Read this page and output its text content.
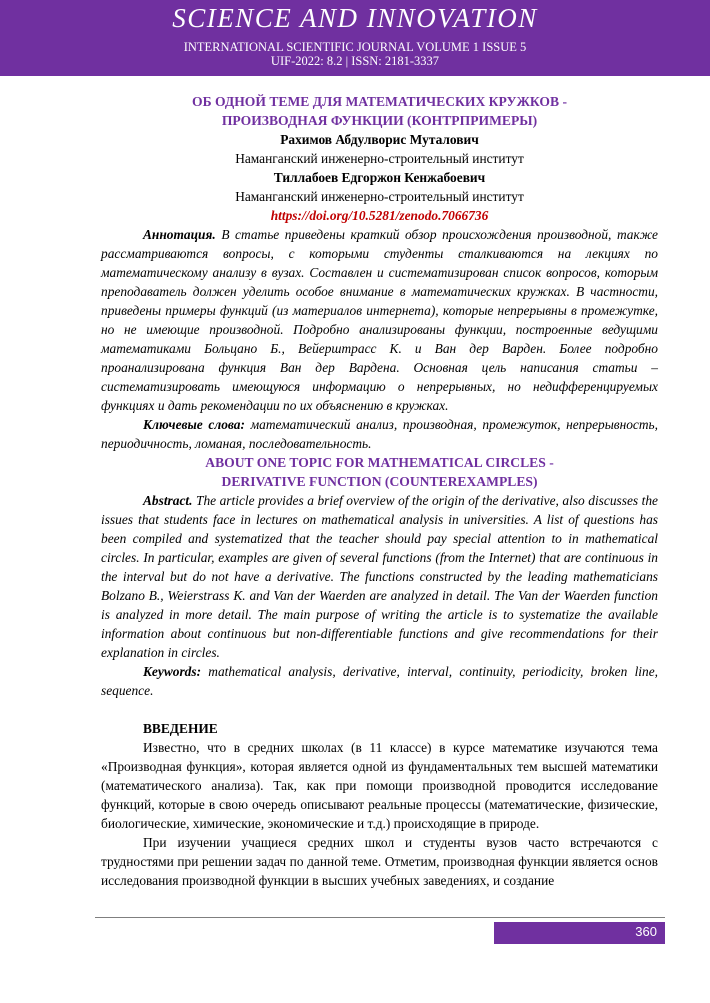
SCIENCE AND INNOVATION
INTERNATIONAL SCIENTIFIC JOURNAL VOLUME 1 ISSUE 5
UIF-2022: 8.2 | ISSN: 2181-3337
ОБ ОДНОЙ ТЕМЕ ДЛЯ МАТЕМАТИЧЕСКИХ КРУЖКОВ -
ПРОИЗВОДНАЯ ФУНКЦИИ (КОНТРПРИМЕРЫ)
Рахимов Абдулворис Муталович
Наманганский инженерно-строительный институт
Тиллабоев Едгоржон Кенжабоевич
Наманганский инженерно-строительный институт
https://doi.org/10.5281/zenodo.7066736

Аннотация. В статье приведены краткий обзор происхождения производной, также рассматриваются вопросы, с которыми студенты сталкиваются на лекциях по математическому анализу в вузах. Составлен и систематизирован список вопросов, которым преподаватель должен уделить особое внимание в математических кружках. В частности, приведены примеры функций (из материалов интернета), которые непрерывны в промежутке, но не имеющие производной. Подробно анализированы функции, построенные ведущими математиками Больцано Б., Вейерштрасс К. и Ван дер Варден. Более подробно проанализирована функция Ван дер Вардена. Основная цель написания статьи – систематизировать имеющуюся информацию о непрерывных, но недифференцируемых функциях и дать рекомендации по их объяснению в кружках.

Ключевые слова: математический анализ, производная, промежуток, непрерывность, периодичность, ломаная, последовательность.

ABOUT ONE TOPIC FOR MATHEMATICAL CIRCLES -
DERIVATIVE FUNCTION (COUNTEREXAMPLES)

Abstract. The article provides a brief overview of the origin of the derivative, also discusses the issues that students face in lectures on mathematical analysis in universities. A list of questions has been compiled and systematized that the teacher should pay special attention to in mathematical circles. In particular, examples are given of several functions (from the Internet) that are continuous in the interval but do not have a derivative. The functions constructed by the leading mathematicians Bolzano B., Weierstrass K. and Van der Waerden are analyzed in detail. The Van der Waerden function is analyzed in more detail. The main purpose of writing the article is to systematize the available information about continuous but non-differentiable functions and give recommendations for their explanation in circles.

Keywords: mathematical analysis, derivative, interval, continuity, periodicity, broken line, sequence.

ВВЕДЕНИЕ

Известно, что в средних школах (в 11 классе) в курсе математике изучаются тема «Производная функция», которая является одной из фундаментальных тем высшей математики (математического анализа). Так, как при помощи производной проводится исследование функций, которые в свою очередь описывают реальные процессы (математические, физические, биологические, химические, экономические и т.д.) происходящие в природе.

При изучении учащиеся средних школ и студенты вузов часто встречаются с трудностями при решении задач по данной теме. Отметим, производная функции является основ исследования производной функции в высших учебных заведениях, и создание

360
